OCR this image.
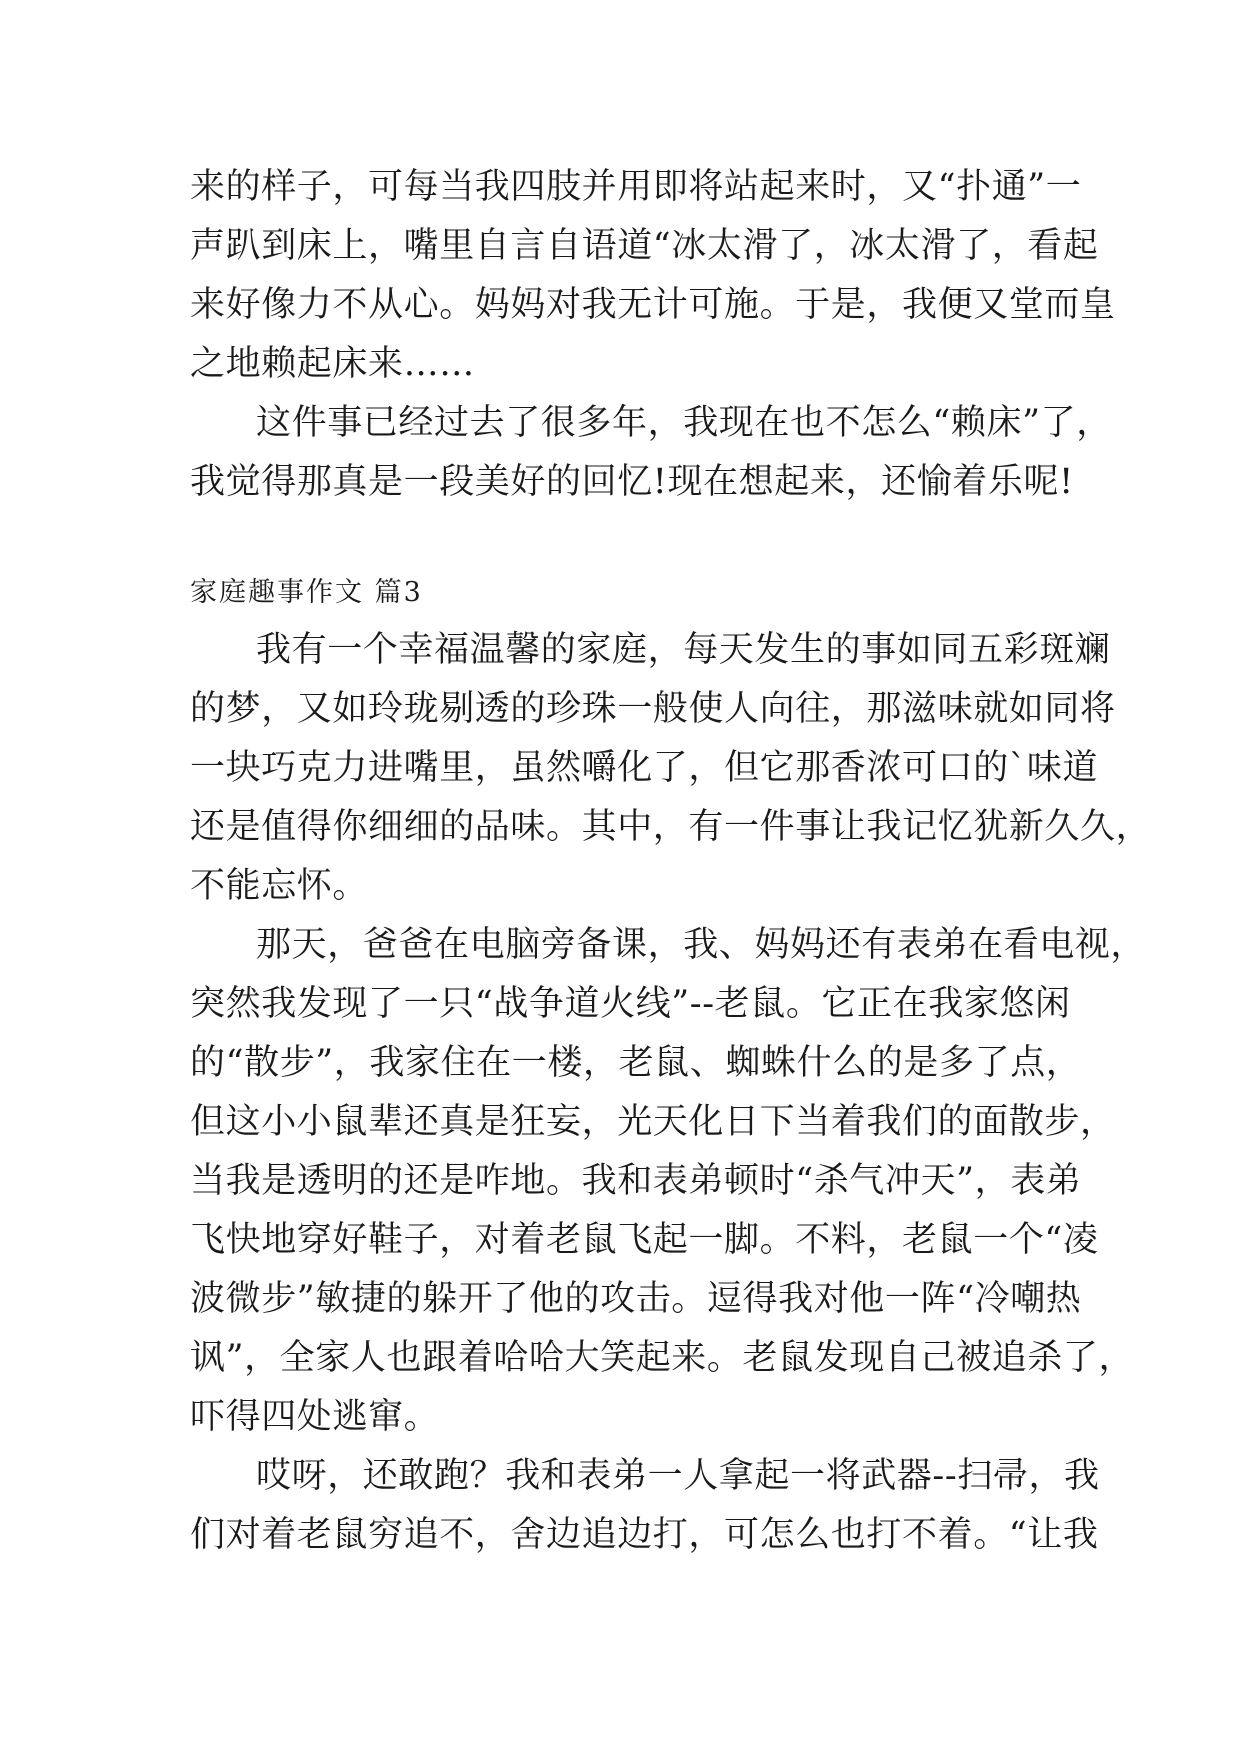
来的样子，可每当我四肢并用即将站起来时，又“扑通”一
声趴到床上，嘴里自言自语道“冰太滑了，冰太滑了，看起
来好像力不从心。妈妈对我无计可施。于是，我便又堂而皇
之地赖起床来……
这件事已经过去了很多年，我现在也不怎么“赖床”了，
我觉得那真是一段美好的回忆!现在想起来，还愉着乐呢!
家庭趣事作文 篇3
我有一个幸福温馨的家庭，每天发生的事如同五彩斑斓
的梦，又如玲珑剔透的珍珠一般使人向往，那滋味就如同将
一块巧克力进嘴里，虽然嚼化了，但它那香浓可口的`味道
还是值得你细细的品味。其中，有一件事让我记忆犹新久久，
不能忘怀。
那天，爸爸在电脑旁备课，我、妈妈还有表弟在看电视，
突然我发现了一只“战争道火线”--老鼠。它正在我家悠闲
的“散步”，我家住在一楼，老鼠、蜘蛛什么的是多了点，
但这小小鼠辈还真是狂妄，光天化日下当着我们的面散步，
当我是透明的还是咋地。我和表弟顿时“杀气冲天”，表弟
飞快地穿好鞋子，对着老鼠飞起一脚。不料，老鼠一个“凌
波微步”敏捷的躲开了他的攻击。逗得我对他一阵“冷嘲热
讽”，全家人也跟着哈哈大笑起来。老鼠发现自己被追杀了，
吓得四处逃窜。
哎呀，还敢跑？我和表弟一人拿起一将武器--扫帚，我
们对着老鼠穷追不，舍边追边打，可怎么也打不着。“让我
